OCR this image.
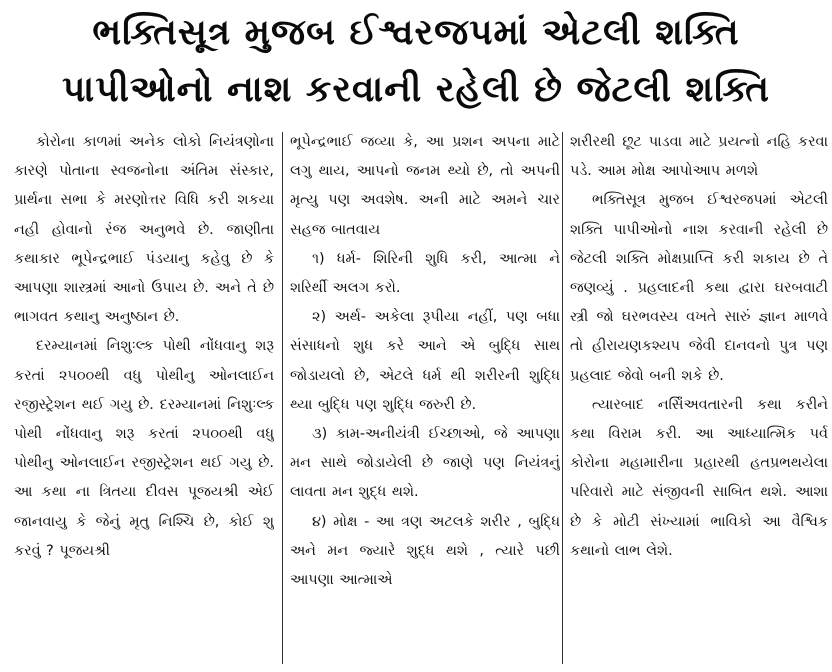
ભક્તિસૂત્ર મુજબ ઈશ્વરજપમાં એટલી શક્તિ
પાપીઓનો નાશ કરવાની રહેલી છે જેટલી શક્તિ

કોરોના કાળમાં અનેક લોકો નિયંત્રણોના કારણે પોતાના સ્વજનોના અંતિમ સંસ્કાર, પ્રાર્થના સભા કે મરણોત્તર વિધિ કરી શકયા નહી હોવાનો રંજ અનુભવે છે. જાણીતા કથાકાર ભૂપેન્દ્રભાઈ પંડયાનુ કહેવુ છે કે આપણા શાસ્ત્રમાં આનો ઉપાય છે. અને તે છે ભાગવત કથાનુ અનુષ્ઠાન છે.

દરમ્યાનમાં નિશુઃલ્ક પોથી નોંધવાનુ શરૂ કરતાં ૨૫૦૦થી વધુ પોથીનુ ઓનલાઈન રજીસ્ટ્રેશન થઈ ગયુ છે. દરમ્યાનમાં નિશુઃલ્ક પોથી નોંધવાનુ શરૂ કરતાં ૨૫૦૦થી વધુ પોથીનુ ઓનલાઈન રજીસ્ટ્રેશન થઈ ગયુ છે. આ કથા ના ત્રિતયા દીવસ પૂજયશ્રી એઈ જાનવાયુ કે જેનું મૃતુ નિશ્ચિ છે, કોઈ શુ કરવું ? પૂજયશ્રી

ભૂપેન્દ્રભાઈ જવ્યા કે, આ પ્રશન અપના માટે લગુ થાય, આપનો જનમ થ્યો છે, તો અપની મૃત્યુ પણ અવશેષ. અની માટે અમને ચાર સહજ બાતવાય

૧) ધર્મ- શિરિની શુધિ કરી, આત્મા ને શરિર્થી અલગ કરો.

૨) અર્થ- અકેલા રૂપીયા નહીં, પણ બધા સંસાધનો શુધ કરે આને એ બુદ્ધિ સાથ જોડાયલો છે, એટલે ધર્મ થી શરીરની શુદ્ધિ થ્યા બુદ્ધિ પણ શુદ્ધિ જરુરી છે.

૩) કામ-અનીયંત્રી ઈચ્છાઓ, જે આપણા મન સાથે જોડાયેલી છે જાણે પણ નિયંત્રનું લાવતા મન શુદ્ધ થશે.

૪) મોક્ષ - આ ત્રણ અટલકે શરીર , બુદ્ધિ અને મન જ્યારે શુદ્ધ થશે , ત્યારે પછી આપણા આત્માએ

શરીરથી છૂટ પાડવા માટે પ્રયત્નો નહિ કરવા પડે. આમ મોક્ષ આપોઆપ મળશે

ભક્તિસૂત્ર મુજબ ઈશ્વરજપમાં એટલી શક્તિ પાપીઓનો નાશ કરવાની રહેલી છે જેટલી શક્તિ મોક્ષપ્રાપ્તિ કરી શકાય છે તે જણવ્યું . પ્રહલાદની કથા દ્વારા ઘરબવાટી સ્ત્રી જો ઘરભવસ્ય વખતે સારું જ્ઞાન માળવે તો હીરાયણકશ્યપ જેવી દાનવનો પુત્ર પણ પ્રહલાદ જેવો બની શકે છે.

ત્યારબાદ નર્સિંઅવતારની કથા કરીને કથા વિરામ કરી. આ આધ્યાત્મિક પર્વ કોરોના મહામારીના પ્રહારથી હતપ્રભથયેલા પરિવારો માટે સંજીવની સાબિત થશે. આશા છે કે મોટી સંખ્યામાં ભાવિકો આ વૈશ્વિક કથાનો લાભ લેશે.
